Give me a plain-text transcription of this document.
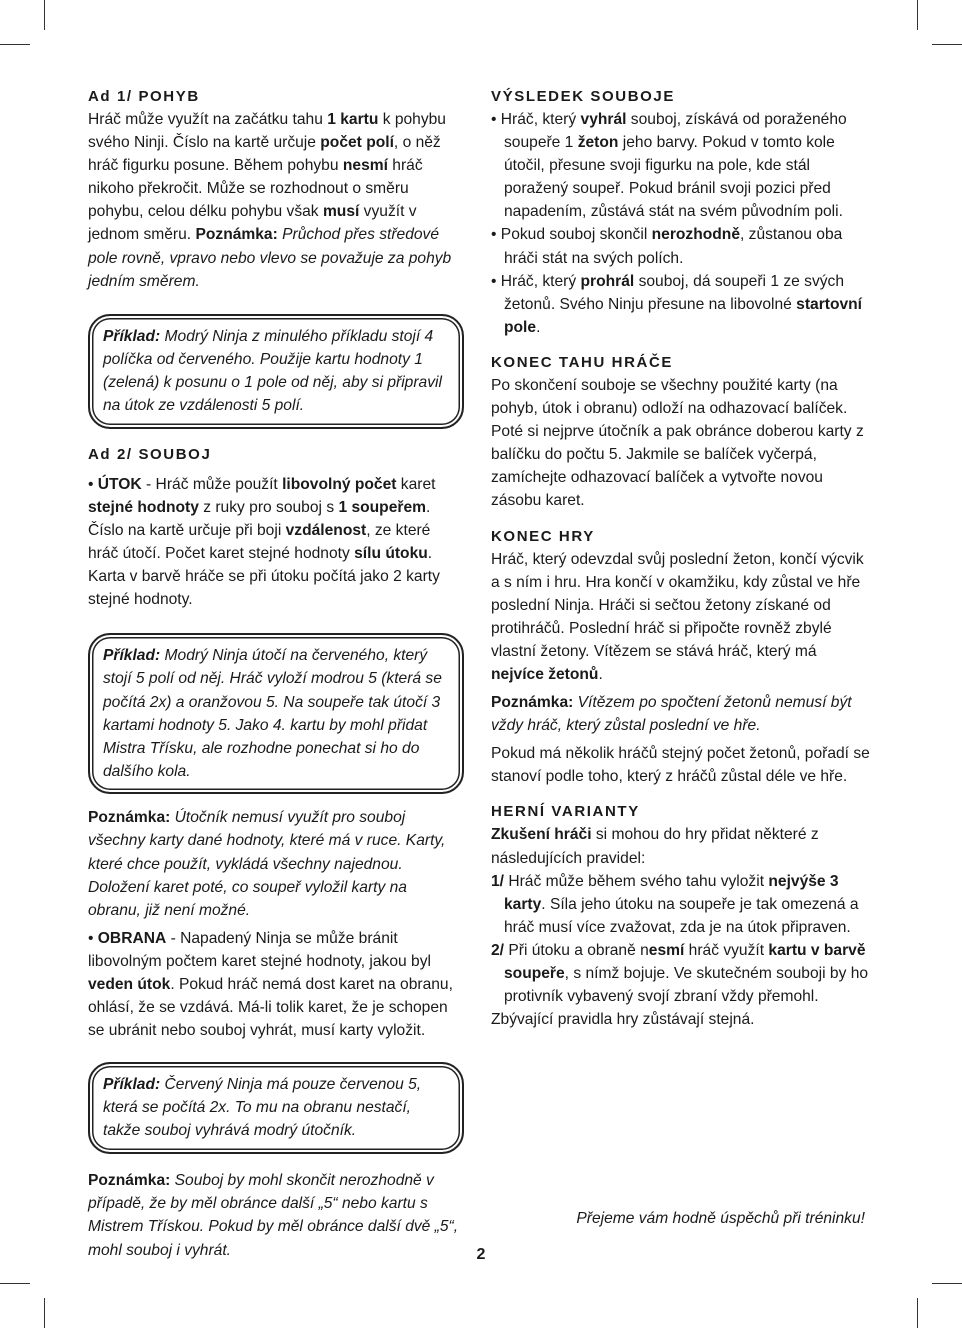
Ad 1/ POHYB

Hráč může využít na začátku tahu 1 kartu k pohybu svého Ninji. Číslo na kartě určuje počet polí, o něž hráč figurku posune. Během pohybu nesmí hráč nikoho překročit. Může se rozhodnout o směru pohybu, celou délku pohybu však musí využít v jednom směru. Poznámka: Průchod přes středové pole rovně, vpravo nebo vlevo se považuje za pohyb jedním směrem.

Příklad: Modrý Ninja z minulého příkladu stojí 4 políčka od červeného. Použije kartu hodnoty 1 (zelená) k posunu o 1 pole od něj, aby si připravil na útok ze vzdálenosti 5 polí.
Ad 2/ SOUBOJ

• ÚTOK - Hráč může použít libovolný počet karet stejné hodnoty z ruky pro souboj s 1 soupeřem. Číslo na kartě určuje při boji vzdálenost, ze které hráč útočí. Počet karet stejné hodnoty sílu útoku. Karta v barvě hráče se při útoku počítá jako 2 karty stejné hodnoty.

Příklad: Modrý Ninja útočí na červeného, který stojí 5 polí od něj. Hráč vyloží modrou 5 (která se počítá 2x) a oranžovou 5. Na soupeře tak útočí 3 kartami hodnoty 5. Jako 4. kartu by mohl přidat Mistra Třísku, ale rozhodne ponechat si ho do dalšího kola.

Poznámka: Útočník nemusí využít pro souboj všechny karty dané hodnoty, které má v ruce. Karty, které chce použít, vykládá všechny najednou. Doložení karet poté, co soupeř vyložil karty na obranu, již není možné.

• OBRANA - Napadený Ninja se může bránit libovolným počtem karet stejné hodnoty, jakou byl veden útok. Pokud hráč nemá dost karet na obranu, ohlásí, že se vzdává. Má-li tolik karet, že je schopen se ubránit nebo souboj vyhrát, musí karty vyložit.

Příklad: Červený Ninja má pouze červenou 5, která se počítá 2x. To mu na obranu nestačí, takže souboj vyhrává modrý útočník.

Poznámka: Souboj by mohl skončit nerozhodně v případě, že by měl obránce další „5“ nebo kartu s Mistrem Třískou. Pokud by měl obránce další dvě „5“, mohl souboj i vyhrát.

VÝSLEDEK SOUBOJE

• Hráč, který vyhrál souboj, získává od poraženého soupeře 1 žeton jeho barvy. Pokud v tomto kole útočil, přesune svoji figurku na pole, kde stál poražený soupeř. Pokud bránil svoji pozici před napadením, zůstává stát na svém původním poli.

• Pokud souboj skončil nerozhodně, zůstanou oba hráči stát na svých polích.

• Hráč, který prohrál souboj, dá soupeři 1 ze svých žetonů. Svého Ninju přesune na libovolné startovní pole.

KONEC TAHU HRÁČE

Po skončení souboje se všechny použité karty (na pohyb, útok i obranu) odloží na odhazovací balíček. Poté si nejprve útočník a pak obránce doberou karty z balíčku do počtu 5. Jakmile se balíček vyčerpá, zamíchejte odhazovací balíček a vytvořte novou zásobu karet.

KONEC HRY

Hráč, který odevzdal svůj poslední žeton, končí výcvik a s ním i hru. Hra končí v okamžiku, kdy zůstal ve hře poslední Ninja. Hráči si sečtou žetony získané od protihráčů. Poslední hráč si připočte rovněž zbylé vlastní žetony. Vítězem se stává hráč, který má nejvíce žetonů.

Poznámka: Vítězem po spočtení žetonů nemusí být vždy hráč, který zůstal poslední ve hře.

Pokud má několik hráčů stejný počet žetonů, pořadí se stanoví podle toho, který z hráčů zůstal déle ve hře.

HERNÍ VARIANTY

Zkušení hráči si mohou do hry přidat některé z následujících pravidel:

1/ Hráč může během svého tahu vyložit nejvýše 3 karty. Síla jeho útoku na soupeře je tak omezená a hráč musí více zvažovat, zda je na útok připraven.

2/ Při útoku a obraně nesmí hráč využít kartu v barvě soupeře, s nímž bojuje. Ve skutečném souboji by ho protivník vybavený svojí zbraní vždy přemohl.

Zbývající pravidla hry zůstávají stejná.

Přejeme vám hodně úspěchů při tréninku!
2
